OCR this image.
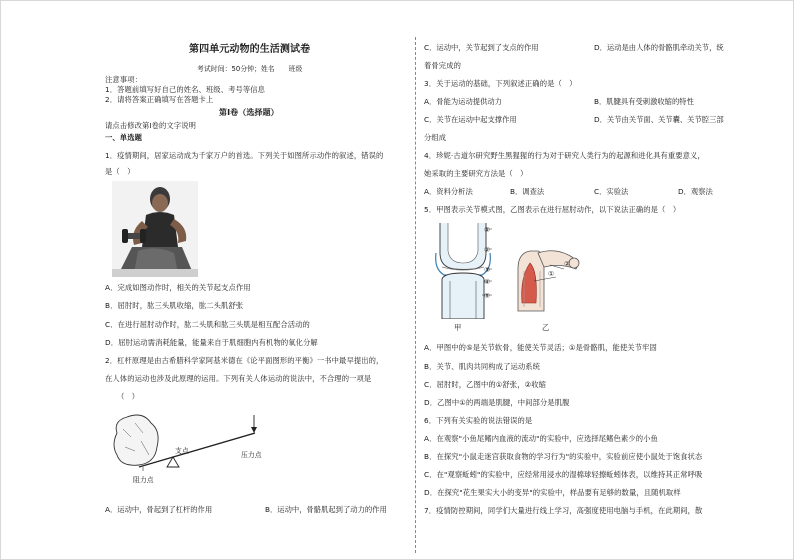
第四单元动物的生活测试卷
考试时间：50分钟；姓名　　班级
注意事项：
1．答题前填写好自己的姓名、班级、考号等信息
2．请将答案正确填写在答题卡上
第Ⅰ卷（选择题）
请点击修改第Ⅰ卷的文字说明
一、单选题
1．疫情期间，居家运动成为千家万户的首选。下列关于如图所示动作的叙述，错误的
是（　）
A．完成如图动作时，相关的关节起支点作用
B．屈肘时，肱三头肌收缩，肱二头肌舒张
C．在进行屈肘动作时，肱二头肌和肱三头肌是相互配合活动的
D．屈肘运动需消耗能量，能量来自于肌细胞内有机物的氧化分解
2．杠杆原理是由古希腊科学家阿基米德在《论平面图形的平衡》一书中最早提出的，
在人体的运动也涉及此原理的运用。下列有关人体运动的说法中，不合理的一项是
（　）
支点	压力点
阻力点
A．运动中，骨起到了杠杆的作用	B．运动中，骨骼肌起到了动力的作用
C．运动中，关节起到了支点的作用	D．运动是由人体的骨骼肌牵动关节，统
着骨完成的
3．关于运动的基础，下列叙述正确的是（　）
A．骨能为运动提供动力	B．肌腱具有受刺激收缩的特性
C．关节在运动中起支撑作用	D．关节由关节面、关节囊、关节腔三部
分组成
4．珍妮·古道尔研究野生黑猩猩的行为对于研究人类行为的起源和进化具有重要意义，
她采取的主要研究方法是（　）
A．资料分析法	B．调查法	C．实验法	D．观察法
5．甲图表示关节模式图，乙图表示在进行屈肘动作，以下说法正确的是（　）
①
②
③
④
⑤
①
②
甲	乙
A．甲图中的⑤是关节软骨，能使关节灵活；①是骨骼肌，能使关节牢固
B．关节、肌肉共同构成了运动系统
C．屈肘时，乙图中的①舒张，②收缩
D．乙图中①的两端是肌腱，中间部分是肌腹
6．下列有关实验的说法错误的是
A．在观察"小鱼尾鳍内血液的流动"的实验中，应选择尾鳍色素少的小鱼
B．在探究"小鼠走迷宫获取食物的学习行为"的实验中，实验前应使小鼠处于饱食状态
C．在"观察蚯蚓"的实验中，应经常用浸水的湿棉球轻擦蚯蚓体表，以维持其正常呼吸
D．在探究"花生果实大小的变异"的实验中，样品要有足够的数量，且随机取样
7．疫情防控期间，同学们大量进行线上学习，高强度使用电脑与手机，在此期间，散
